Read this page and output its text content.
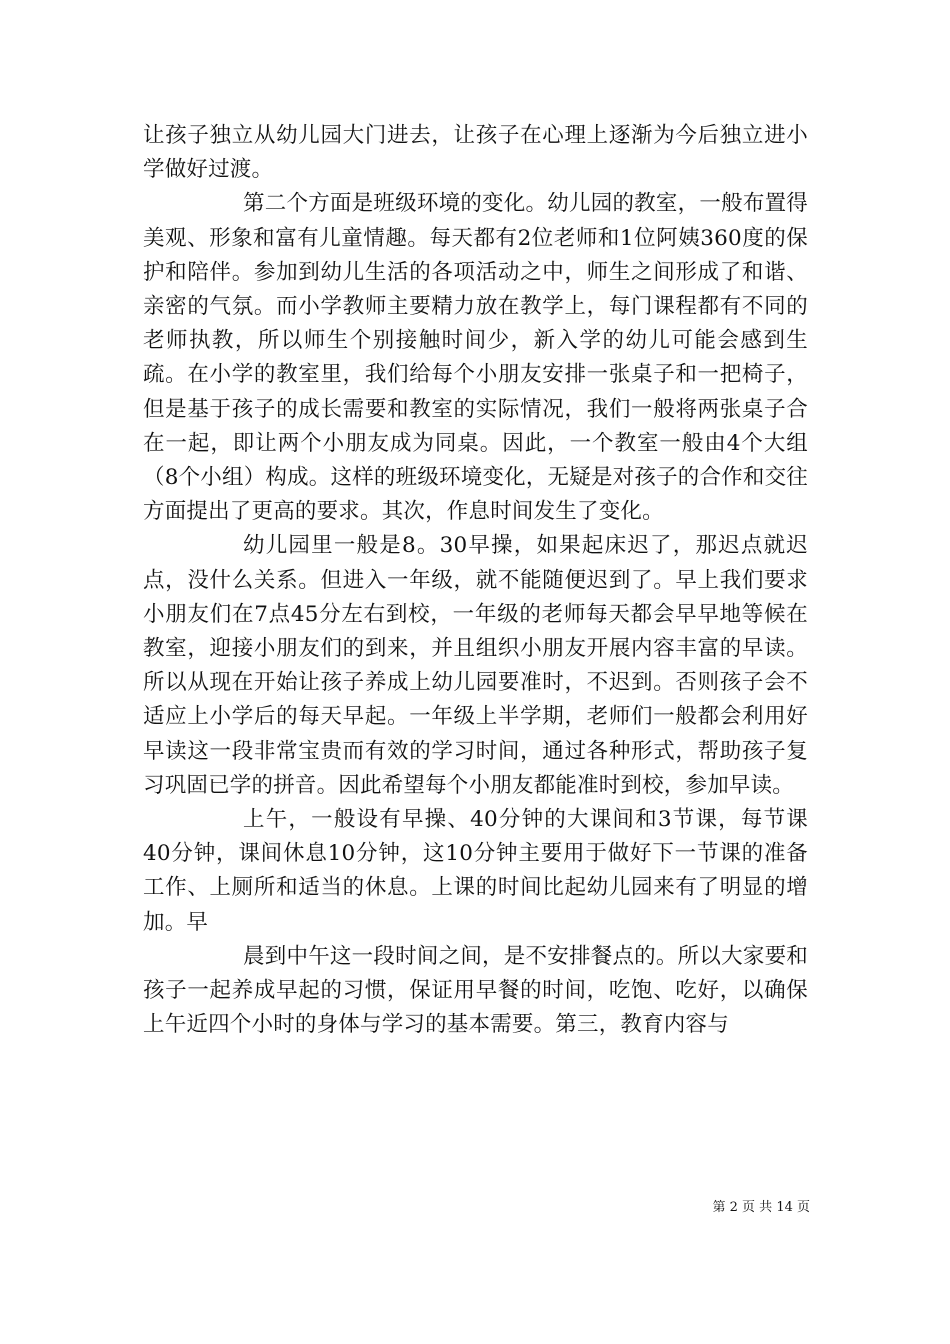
让孩子独立从幼儿园大门进去，让孩子在心理上逐渐为今后独立进小学做好过渡。

第二个方面是班级环境的变化。幼儿园的教室，一般布置得美观、形象和富有儿童情趣。每天都有2位老师和1位阿姨360度的保护和陪伴。参加到幼儿生活的各项活动之中，师生之间形成了和谐、亲密的气氛。而小学教师主要精力放在教学上，每门课程都有不同的老师执教，所以师生个别接触时间少，新入学的幼儿可能会感到生疏。在小学的教室里，我们给每个小朋友安排一张桌子和一把椅子，但是基于孩子的成长需要和教室的实际情况，我们一般将两张桌子合在一起，即让两个小朋友成为同桌。因此，一个教室一般由4个大组（8个小组）构成。这样的班级环境变化，无疑是对孩子的合作和交往方面提出了更高的要求。其次，作息时间发生了变化。

幼儿园里一般是8。30早操，如果起床迟了，那迟点就迟点，没什么关系。但进入一年级，就不能随便迟到了。早上我们要求小朋友们在7点45分左右到校，一年级的老师每天都会早早地等候在教室，迎接小朋友们的到来，并且组织小朋友开展内容丰富的早读。所以从现在开始让孩子养成上幼儿园要准时，不迟到。否则孩子会不适应上小学后的每天早起。一年级上半学期，老师们一般都会利用好早读这一段非常宝贵而有效的学习时间，通过各种形式，帮助孩子复习巩固已学的拼音。因此希望每个小朋友都能准时到校，参加早读。

上午，一般设有早操、40分钟的大课间和3节课，每节课40分钟，课间休息10分钟，这10分钟主要用于做好下一节课的准备工作、上厕所和适当的休息。上课的时间比起幼儿园来有了明显的增加。早

晨到中午这一段时间之间，是不安排餐点的。所以大家要和孩子一起养成早起的习惯，保证用早餐的时间，吃饱、吃好，以确保上午近四个小时的身体与学习的基本需要。第三，教育内容与

第 2 页 共 14 页
